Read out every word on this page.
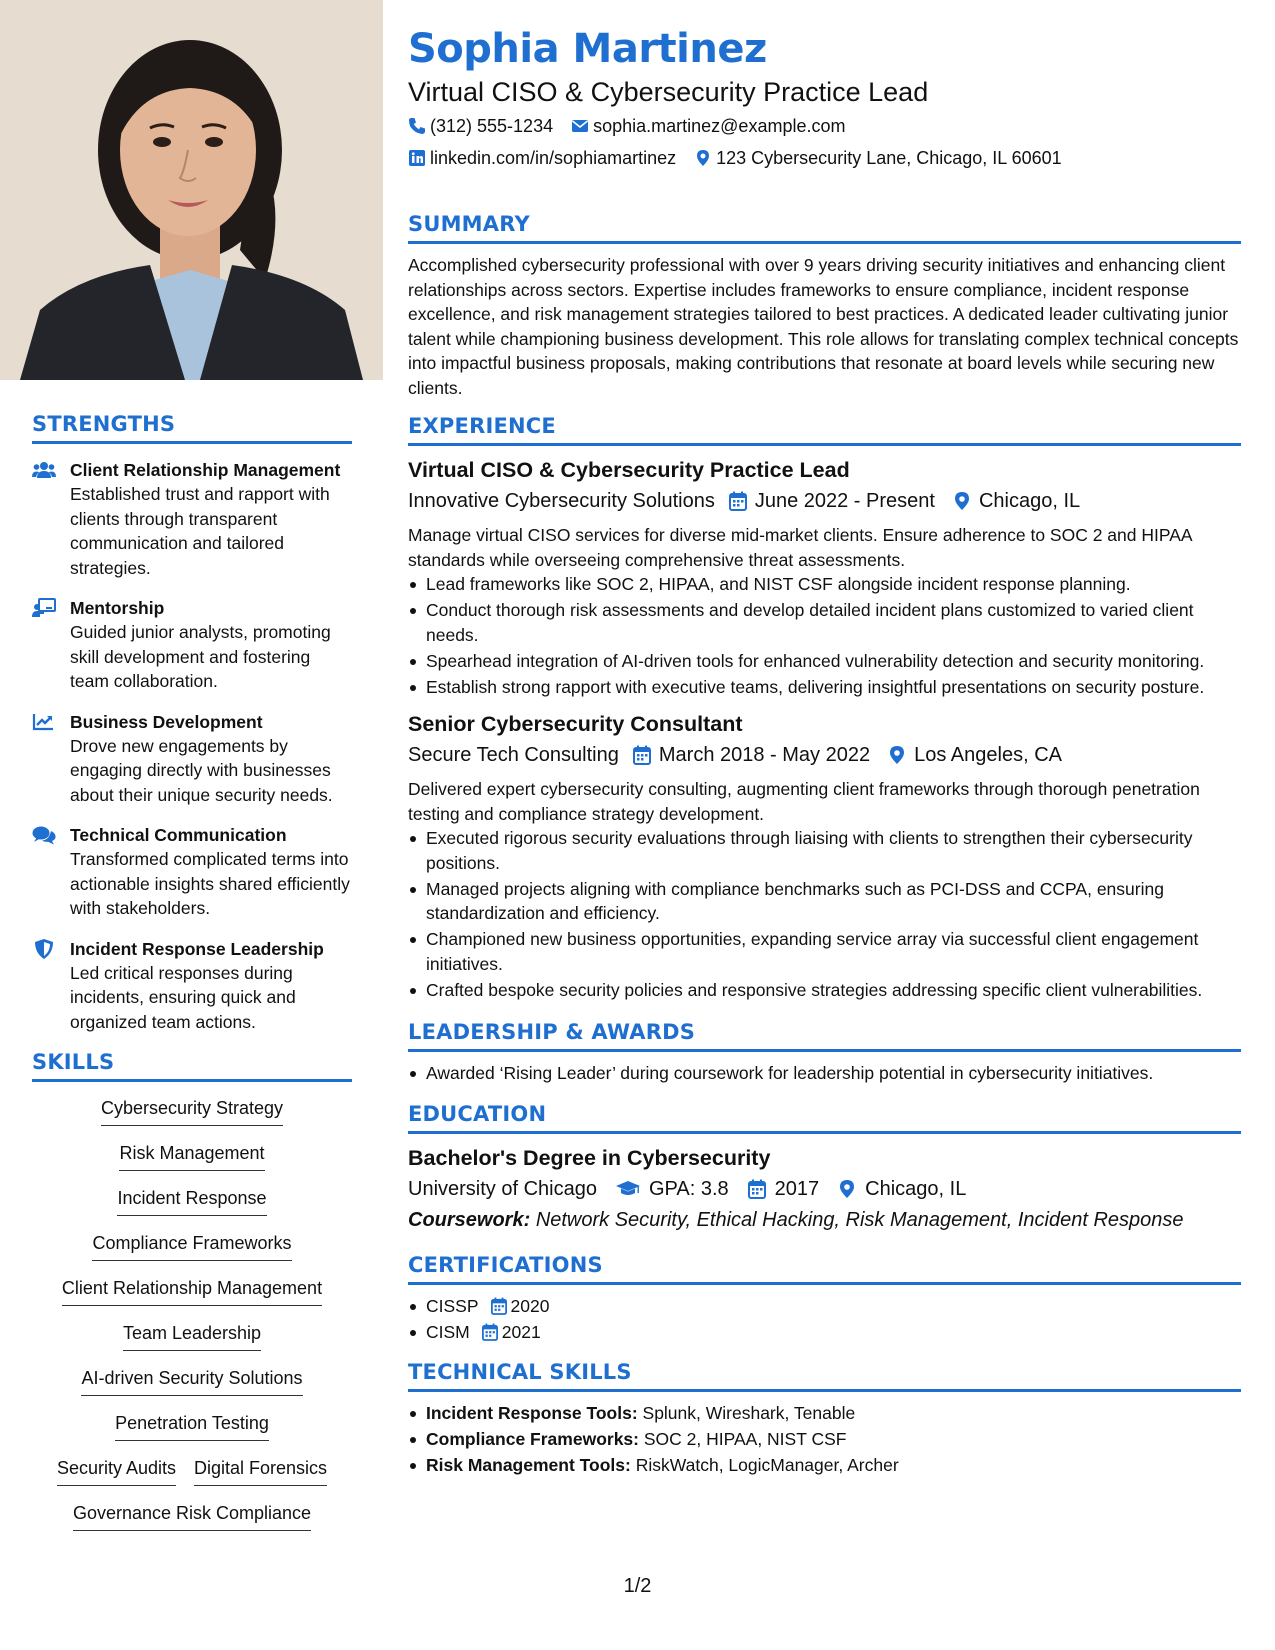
STRENGTHS
Client Relationship Management
Established trust and rapport with clients through transparent communication and tailored strategies.
Mentorship
Guided junior analysts, promoting skill development and fostering team collaboration.
Business Development
Drove new engagements by engaging directly with businesses about their unique security needs.
Technical Communication
Transformed complicated terms into actionable insights shared efficiently with stakeholders.
Incident Response Leadership
Led critical responses during incidents, ensuring quick and organized team actions.
SKILLS
Cybersecurity Strategy
Risk Management
Incident Response
Compliance Frameworks
Client Relationship Management
Team Leadership
AI-driven Security Solutions
Penetration Testing
Security Audits Digital Forensics
Governance Risk Compliance
Sophia Martinez
Virtual CISO & Cybersecurity Practice Lead
(312) 555-1234 sophia.martinez@example.com
linkedin.com/in/sophiamartinez 123 Cybersecurity Lane, Chicago, IL 60601
SUMMARY
Accomplished cybersecurity professional with over 9 years driving security initiatives and enhancing client relationships across sectors. Expertise includes frameworks to ensure compliance, incident response excellence, and risk management strategies tailored to best practices. A dedicated leader cultivating junior talent while championing business development. This role allows for translating complex technical concepts into impactful business proposals, making contributions that resonate at board levels while securing new clients.
EXPERIENCE
Virtual CISO & Cybersecurity Practice Lead
Innovative Cybersecurity Solutions June 2022 - Present Chicago, IL
Manage virtual CISO services for diverse mid-market clients. Ensure adherence to SOC 2 and HIPAA standards while overseeing comprehensive threat assessments.
Lead frameworks like SOC 2, HIPAA, and NIST CSF alongside incident response planning.
Conduct thorough risk assessments and develop detailed incident plans customized to varied client needs.
Spearhead integration of AI-driven tools for enhanced vulnerability detection and security monitoring.
Establish strong rapport with executive teams, delivering insightful presentations on security posture.
Senior Cybersecurity Consultant
Secure Tech Consulting March 2018 - May 2022 Los Angeles, CA
Delivered expert cybersecurity consulting, augmenting client frameworks through thorough penetration testing and compliance strategy development.
Executed rigorous security evaluations through liaising with clients to strengthen their cybersecurity positions.
Managed projects aligning with compliance benchmarks such as PCI-DSS and CCPA, ensuring standardization and efficiency.
Championed new business opportunities, expanding service array via successful client engagement initiatives.
Crafted bespoke security policies and responsive strategies addressing specific client vulnerabilities.
LEADERSHIP & AWARDS
Awarded ‘Rising Leader’ during coursework for leadership potential in cybersecurity initiatives.
EDUCATION
Bachelor's Degree in Cybersecurity
University of Chicago	GPA: 3.8 2017 Chicago, IL
Coursework: Network Security, Ethical Hacking, Risk Management, Incident Response
CERTIFICATIONS
CISSP 2020
CISM 2021
TECHNICAL SKILLS
Incident Response Tools: Splunk, Wireshark, Tenable
Compliance Frameworks: SOC 2, HIPAA, NIST CSF
Risk Management Tools: RiskWatch, LogicManager, Archer
1/2
